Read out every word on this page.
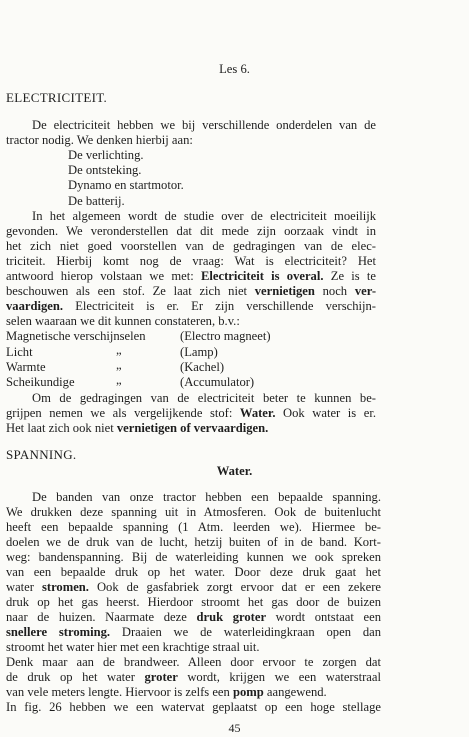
Les 6.
ELECTRICITEIT.
De electriciteit hebben we bij verschillende onderdelen van de
tractor nodig. We denken hierbij aan:
De verlichting.
De ontsteking.
Dynamo en startmotor.
De batterij.
In het algemeen wordt de studie over de electriciteit moeilijk
gevonden. We veronderstellen dat dit mede zijn oorzaak vindt in
het zich niet goed voorstellen van de gedragingen van de elec-
triciteit. Hierbij komt nog de vraag: Wat is electriciteit? Het
antwoord hierop volstaan we met: Electriciteit is overal. Ze is te
beschouwen als een stof. Ze laat zich niet vernietigen noch ver-
vaardigen. Electriciteit is er. Er zijn verschillende verschijn-
selen waaraan we dit kunnen constateren, b.v.:
Magnetische verschijnselen	(Electro magneet)
Licht	„	(Lamp)
Warmte	„	(Kachel)
Scheikundige	„	(Accumulator)
Om de gedragingen van de electriciteit beter te kunnen be-
grijpen nemen we als vergelijkende stof: Water. Ook water is er.
Het laat zich ook niet vernietigen of vervaardigen.
SPANNING.
Water.
De banden van onze tractor hebben een bepaalde spanning.
We drukken deze spanning uit in Atmosferen. Ook de buitenlucht
heeft een bepaalde spanning (1 Atm. leerden we). Hiermee be-
doelen we de druk van de lucht, hetzij buiten of in de band. Kort-
weg: bandenspanning. Bij de waterleiding kunnen we ook spreken
van een bepaalde druk op het water. Door deze druk gaat het
water stromen. Ook de gasfabriek zorgt ervoor dat er een zekere
druk op het gas heerst. Hierdoor stroomt het gas door de buizen
naar de huizen. Naarmate deze druk groter wordt ontstaat een
snellere stroming. Draaien we de waterleidingkraan open dan
stroomt het water hier met een krachtige straal uit.
Denk maar aan de brandweer. Alleen door ervoor te zorgen dat
de druk op het water groter wordt, krijgen we een waterstraal
van vele meters lengte. Hiervoor is zelfs een pomp aangewend.
In fig. 26 hebben we een watervat geplaatst op een hoge stellage
45
